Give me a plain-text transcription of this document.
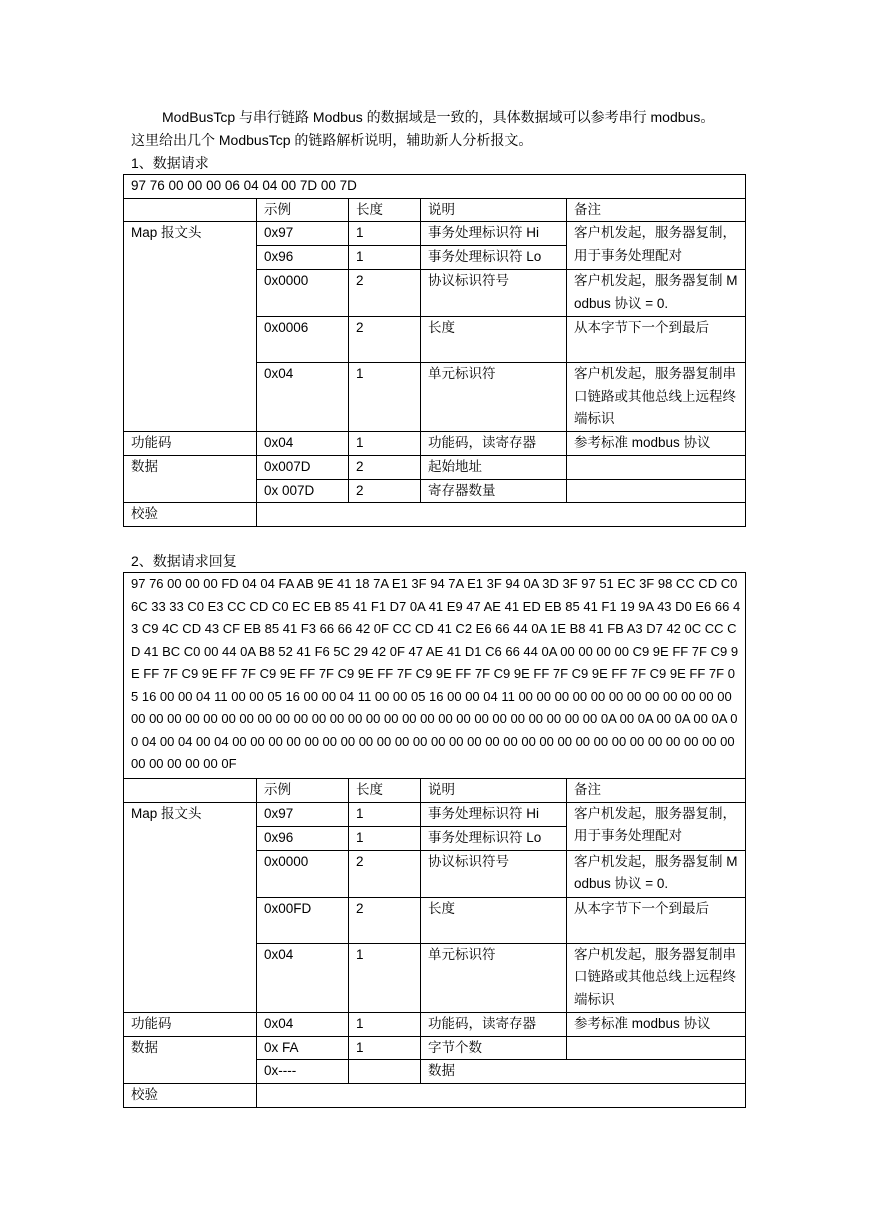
ModBusTcp 与串行链路 Modbus 的数据域是一致的，具体数据域可以参考串行 modbus。
这里给出几个 ModbusTcp 的链路解析说明，辅助新人分析报文。
1、数据请求
97 76 00 00 00 06 04 04 00 7D 00 7D				
	示例	长度	说明	备注
Map 报文头	0x97	1	事务处理标识符 Hi	客户机发起，服务器复制，用于事务处理配对
	0x96	1	事务处理标识符 Lo	
	0x0000	2	协议标识符号	客户机发起，服务器复制 Modbus 协议 = 0.
	0x0006	2	长度	从本字节下一个到最后
	0x04	1	单元标识符	客户机发起，服务器复制串口链路或其他总线上远程终端标识
功能码	0x04	1	功能码，读寄存器	参考标准 modbus 协议
数据	0x007D	2	起始地址	
	0x 007D	2	寄存器数量	
校验				
2、数据请求回复
97 76 00 00 00 FD 04 04 FA AB 9E 41 18 7A E1 3F 94 7A E1 3F 94 0A 3D 3F 97 51 EC 3F 98 CC CD C0 6C 33 33 C0 E3 CC CD C0 EC EB 85 41 F1 D7 0A 41 E9 47 AE 41 ED EB 85 41 F1 19 9A 43 D0 E6 66 43 C9 4C CD 43 CF EB 85 41 F3 66 66 42 0F CC CD 41 C2 E6 66 44 0A 1E B8 41 FB A3 D7 42 0C CC CD 41 BC C0 00 44 0A B8 52 41 F6 5C 29 42 0F 47 AE 41 D1 C6 66 44 0A 00 00 00 00 C9 9E FF 7F C9 9E FF 7F C9 9E FF 7F C9 9E FF 7F C9 9E FF 7F C9 9E FF 7F C9 9E FF 7F C9 9E FF 7F C9 9E FF 7F 05 16 00 00 04 11 00 00 05 16 00 00 04 11 00 00 05 16 00 00 04 11 00 00 00 00 00 00 00 00 00 00 00 00 00 00 00 00 00 00 00 00 00 00 00 00 00 00 00 00 00 00 00 00 00 00 00 00 00 00 0A 00 0A 00 0A 00 0A 00 04 00 04 00 04 00 00 00 00 00 00 00 00 00 00 00 00 00 00 00 00 00 00 00 00 00 00 00 00 00 00 00 00 00 00 00 00 00 0F				
	示例	长度	说明	备注
Map 报文头	0x97	1	事务处理标识符 Hi	客户机发起，服务器复制，用于事务处理配对
	0x96	1	事务处理标识符 Lo	
	0x0000	2	协议标识符号	客户机发起，服务器复制 Modbus 协议 = 0.
	0x00FD	2	长度	从本字节下一个到最后
	0x04	1	单元标识符	客户机发起，服务器复制串口链路或其他总线上远程终端标识
功能码	0x04	1	功能码，读寄存器	参考标准 modbus 协议
数据	0x FA	1	字节个数	
	0x----		数据	
校验				
